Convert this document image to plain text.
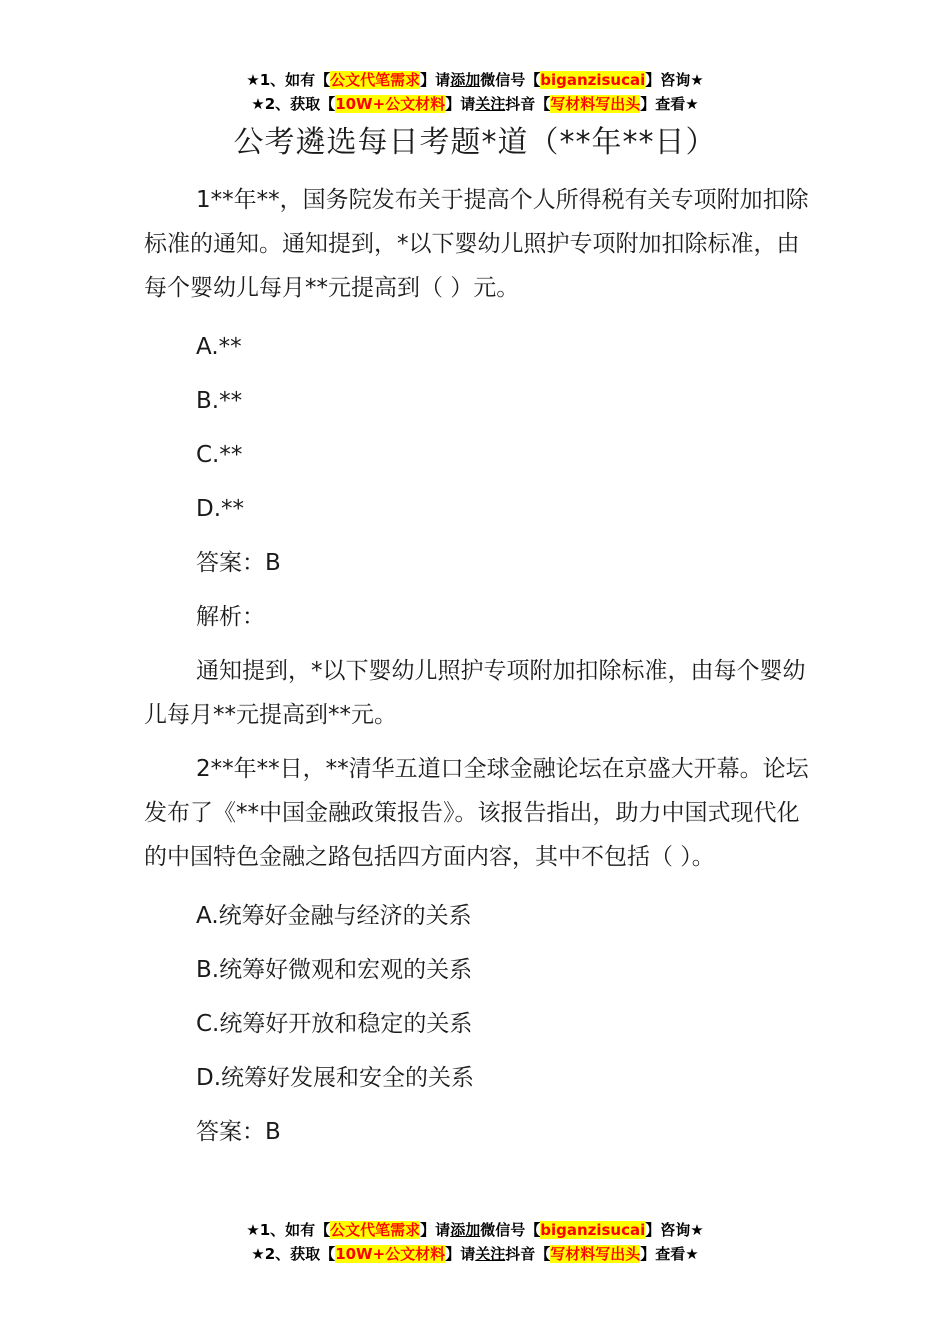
★1、如有【公文代笔需求】请添加微信号【biganzisucai】咨询★
★2、获取【10W+公文材料】请关注抖音【写材料写出头】查看★
公考遴选每日考题*道（**年**日）

1**年**，国务院发布关于提高个人所得税有关专项附加扣除标准的通知。通知提到，*以下婴幼儿照护专项附加扣除标准，由每个婴幼儿每月**元提高到（ ）元。

A.**

B.**

C.**

D.**

答案：B

解析：

通知提到，*以下婴幼儿照护专项附加扣除标准，由每个婴幼儿每月**元提高到**元。

2**年**日，**清华五道口全球金融论坛在京盛大开幕。论坛发布了《**中国金融政策报告》。该报告指出，助力中国式现代化的中国特色金融之路包括四方面内容，其中不包括（ ）。

A.统筹好金融与经济的关系

B.统筹好微观和宏观的关系

C.统筹好开放和稳定的关系

D.统筹好发展和安全的关系

答案：B

★1、如有【公文代笔需求】请添加微信号【biganzisucai】咨询★
★2、获取【10W+公文材料】请关注抖音【写材料写出头】查看★
